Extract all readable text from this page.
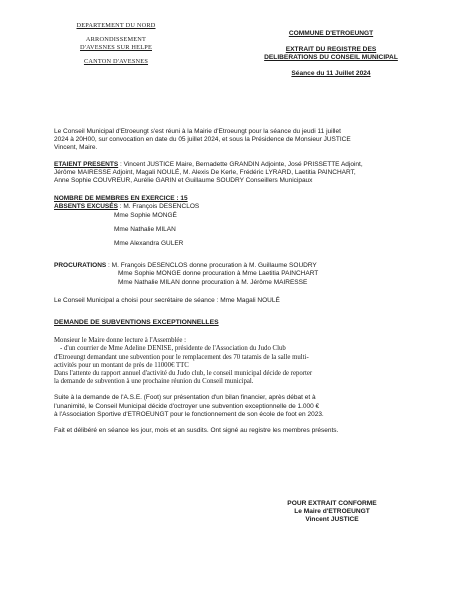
DEPARTEMENT DU NORD
ARRONDISSEMENT
D'AVESNES SUR HELPE
CANTON D'AVESNES
COMMUNE D'ETROEUNGT
EXTRAIT DU REGISTRE DES
DELIBERATIONS DU CONSEIL MUNICIPAL
Séance du 11 Juillet 2024

Le Conseil Municipal d'Etroeungt s'est réuni à la Mairie d'Etroeungt pour la séance du jeudi 11 juillet

2024 à 20H00, sur convocation en date du 05 juillet 2024, et sous la Présidence de Monsieur JUSTICE

Vincent, Maire.

ETAIENT PRESENTS : Vincent JUSTICE Maire, Bernadette GRANDIN Adjointe, José PRISSETTE Adjoint,

Jérôme MAIRESSE Adjoint, Magali NOULÉ, M. Alexis De Kerle, Frédéric LYRARD, Laetitia PAINCHART,

Anne Sophie COUVREUR, Aurélie GARIN et Guillaume SOUDRY Conseillers Municipaux

NOMBRE DE MEMBRES EN EXERCICE : 15

ABSENTS EXCUSÉS : M. François DESENCLOS

Mme Sophie MONGÉ

Mme Nathalie MILAN

Mme Alexandra GULER

PROCURATIONS : M. François DESENCLOS donne procuration à M. Guillaume SOUDRY

Mme Sophie MONGE donne procuration à Mme Laetitia PAINCHART

Mme Nathalie MILAN donne procuration à M. Jérôme MAIRESSE

Le Conseil Municipal a choisi pour secrétaire de séance : Mme Magali NOULÉ

DEMANDE DE SUBVENTIONS EXCEPTIONNELLES

Monsieur le Maire donne lecture à l'Assemblée :

- d'un courrier de Mme Adeline DENISE, présidente de l'Association du Judo Club

d'Etroeungt demandant une subvention pour le remplacement des 70 tatamis de la salle multi-

activités pour un montant de près de 11000€ TTC

Dans l'attente du rapport annuel d'activité du Judo club, le conseil municipal décide de reporter

la demande de subvention à une prochaine réunion du Conseil municipal.

Suite à la demande de l'A.S.E. (Foot) sur présentation d'un bilan financier, après débat et à

l'unanimité, le Conseil Municipal décide d'octroyer une subvention exceptionnelle de 1.000 €

à l'Association Sportive d'ETROEUNGT pour le fonctionnement de son école de foot en 2023.

Fait et délibéré en séance les jour, mois et an susdits. Ont signé au registre les membres présents.

POUR EXTRAIT CONFORME
Le Maire d'ETROEUNGT
Vincent JUSTICE
